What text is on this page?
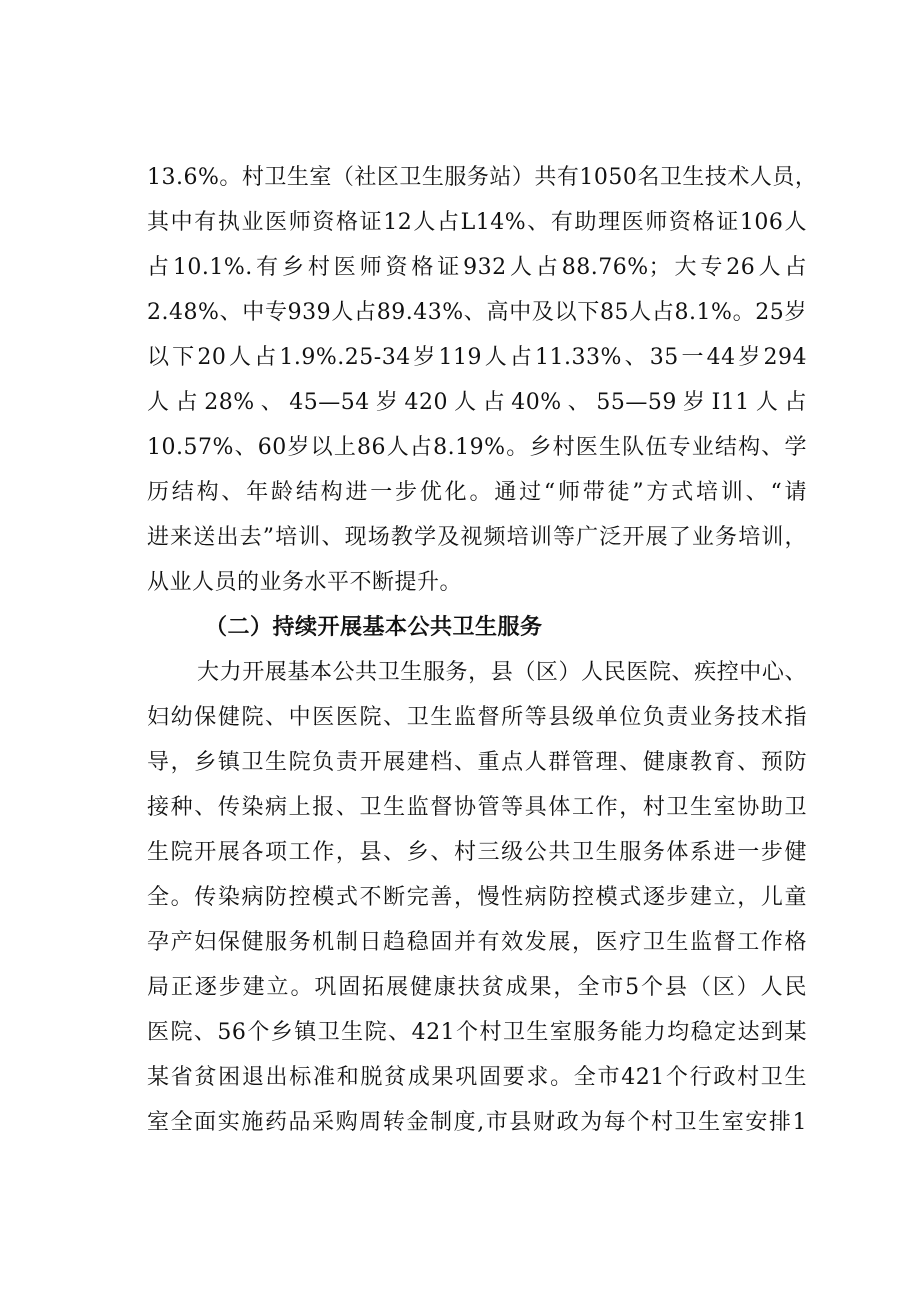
13.6%。村卫生室（社区卫生服务站）共有1050名卫生技术人员，
其中有执业医师资格证12人占L14%、有助理医师资格证106人
占10.1%.有乡村医师资格证932人占88.76%；大专26人占
2.48%、中专939人占89.43%、高中及以下85人占8.1%。25岁
以下20人占1.9%.25-34岁119人占11.33%、35一44岁294
人占28%、45—54岁420人占40%、55—59岁I11人占
10.57%、60岁以上86人占8.19%。乡村医生队伍专业结构、学
历结构、年龄结构进一步优化。通过“师带徒”方式培训、“请
进来送出去”培训、现场教学及视频培训等广泛开展了业务培训，
从业人员的业务水平不断提升。
（二）持续开展基本公共卫生服务
大力开展基本公共卫生服务，县（区）人民医院、疾控中心、
妇幼保健院、中医医院、卫生监督所等县级单位负责业务技术指
导，乡镇卫生院负责开展建档、重点人群管理、健康教育、预防
接种、传染病上报、卫生监督协管等具体工作，村卫生室协助卫
生院开展各项工作，县、乡、村三级公共卫生服务体系进一步健
全。传染病防控模式不断完善，慢性病防控模式逐步建立，儿童
孕产妇保健服务机制日趋稳固并有效发展，医疗卫生监督工作格
局正逐步建立。巩固拓展健康扶贫成果，全市5个县（区）人民
医院、56个乡镇卫生院、421个村卫生室服务能力均稳定达到某
某省贫困退出标准和脱贫成果巩固要求。全市421个行政村卫生
室全面实施药品采购周转金制度,市县财政为每个村卫生室安排1
